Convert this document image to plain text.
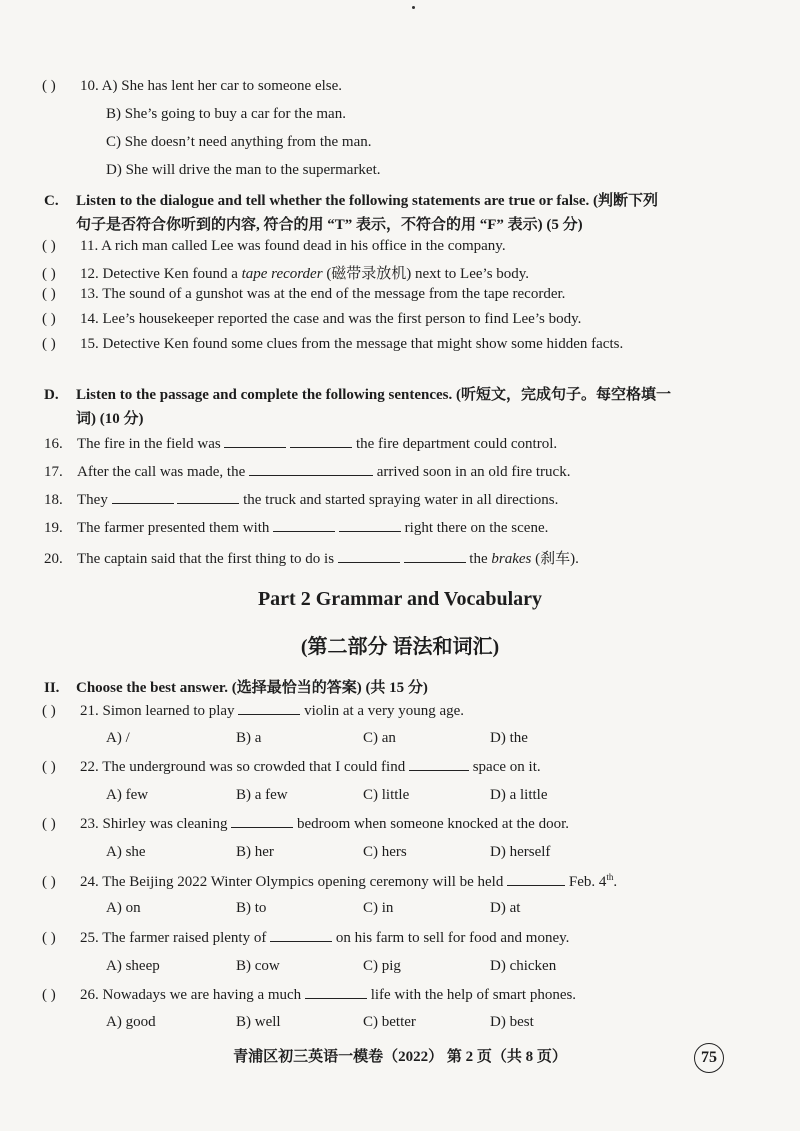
( ) 10. A) She has lent her car to someone else.
B) She’s going to buy a car for the man.
C) She doesn’t need anything from the man.
D) She will drive the man to the supermarket.
C. Listen to the dialogue and tell whether the following statements are true or false. (判断下列
句子是否符合你听到的内容, 符合的用 “T” 表示，不符合的用 “F” 表示) (5 分)
( ) 11. A rich man called Lee was found dead in his office in the company.
( ) 12. Detective Ken found a tape recorder (磁带录放机) next to Lee’s body.
( ) 13. The sound of a gunshot was at the end of the message from the tape recorder.
( ) 14. Lee’s housekeeper reported the case and was the first person to find Lee’s body.
( ) 15. Detective Ken found some clues from the message that might show some hidden facts.
D. Listen to the passage and complete the following sentences. (听短文，完成句子。每空格填一
词) (10 分)
16. The fire in the field was	the fire department could control.
17. After the call was made, the	arrived soon in an old fire truck.
18. They	the truck and started spraying water in all directions.
19. The farmer presented them with	right there on the scene.
20. The captain said that the first thing to do is	the brakes (刹车).
Part 2 Grammar and Vocabulary
(第二部分 语法和词汇)
II. Choose the best answer. (选择最恰当的答案) (共 15 分)
( ) 21. Simon learned to play	violin at a very young age.
A) /	B) a	C) an	D) the
( ) 22. The underground was so crowded that I could find	space on it.
A) few	B) a few	C) little	D) a little
( ) 23. Shirley was cleaning	bedroom when someone knocked at the door.
A) she	B) her	C) hers	D) herself
( ) 24. The Beijing 2022 Winter Olympics opening ceremony will be held	Feb. 4th.
A) on	B) to	C) in	D) at
( ) 25. The farmer raised plenty of	on his farm to sell for food and money.
A) sheep	B) cow	C) pig	D) chicken
( ) 26. Nowadays we are having a much	life with the help of smart phones.
A) good	B) well	C) better	D) best
青浦区初三英语一模卷（2022） 第 2 页（共 8 页）	75
